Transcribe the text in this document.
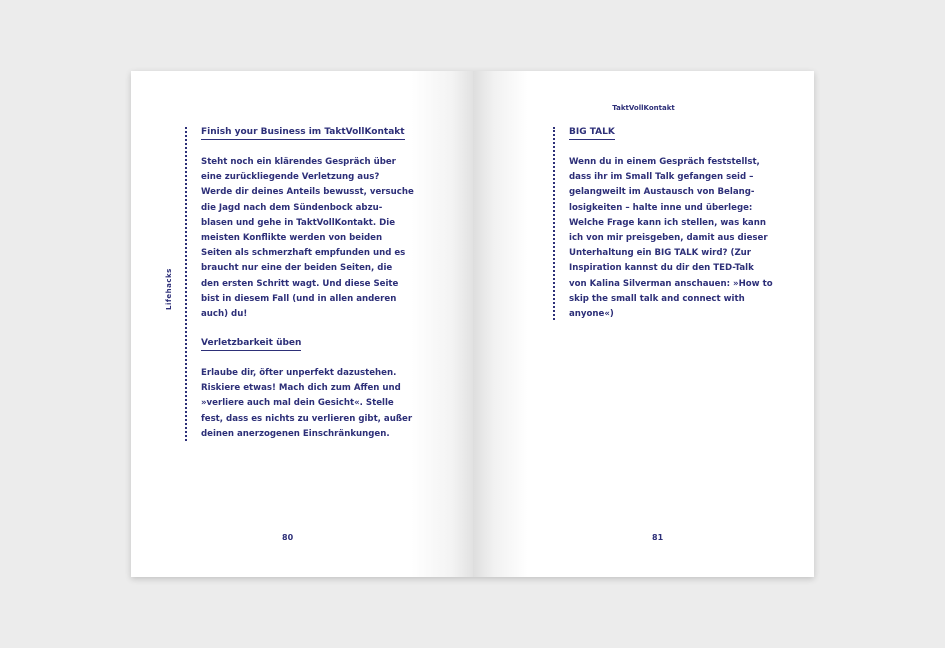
Lifehacks
Finish your Business im TaktVollKontakt
Steht noch ein klärendes Gespräch über
eine zurückliegende Verletzung aus?
Werde dir deines Anteils bewusst, versuche
die Jagd nach dem Sündenbock abzu-
blasen und gehe in TaktVollKontakt. Die
meisten Konflikte werden von beiden
Seiten als schmerzhaft empfunden und es
braucht nur eine der beiden Seiten, die
den ersten Schritt wagt. Und diese Seite
bist in diesem Fall (und in allen anderen
auch) du!
Verletzbarkeit üben
Erlaube dir, öfter unperfekt dazustehen.
Riskiere etwas! Mach dich zum Affen und
»verliere auch mal dein Gesicht«. Stelle
fest, dass es nichts zu verlieren gibt, außer
deinen anerzogenen Einschränkungen.
80
TaktVollKontakt
BIG TALK
Wenn du in einem Gespräch feststellst,
dass ihr im Small Talk gefangen seid –
gelangweilt im Austausch von Belang-
losigkeiten – halte inne und überlege:
Welche Frage kann ich stellen, was kann
ich von mir preisgeben, damit aus dieser
Unterhaltung ein BIG TALK wird? (Zur
Inspiration kannst du dir den TED-Talk
von Kalina Silverman anschauen: »How to
skip the small talk and connect with
anyone«)
81
